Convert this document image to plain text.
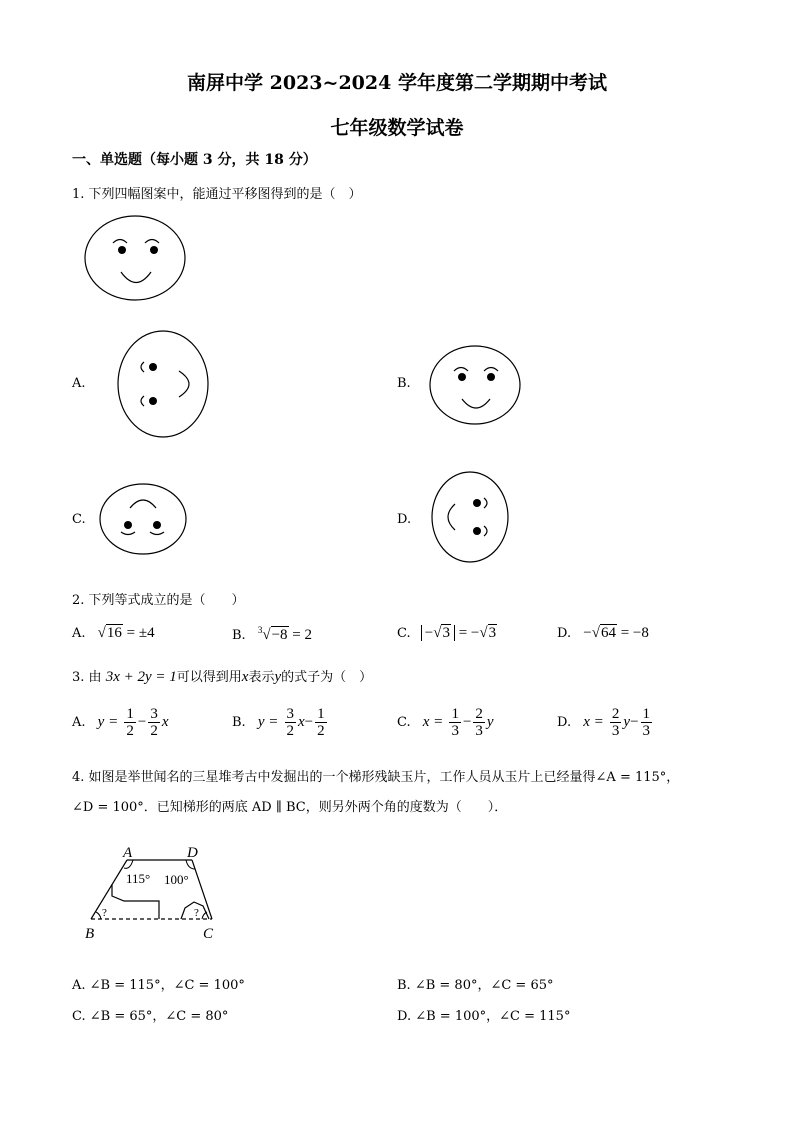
南屏中学 2023~2024 学年度第二学期期中考试
七年级数学试卷
一、单选题（每小题 3 分，共 18 分）
1. 下列四幅图案中，能通过平移图得到的是（　）
A.	B.
C.	D.
2. 下列等式成立的是（　　）
A. √16 = ±4	B. $^3$√−8 = 2	C. −√3 = −√3	D. −√64 = −8
3. 由 3x + 2y = 1可以得到用x表示y的式子为（　）
A. $y = \frac{1}{2} - \frac{3}{2}$ x	B. $y = \frac{3}{2} x- \frac{1}{2}$	C. $x = \frac{1}{3} - \frac{2}{3}$ y	D. $x = \frac{2}{3} y- \frac{1}{3}$
4. 如图是举世闻名的三星堆考古中发掘出的一个梯形残缺玉片，工作人员从玉片上已经量得∠A = 115°，
∠D = 100°．已知梯形的两底 AD ∥ BC，则另外两个角的度数为（　　）．
A	D
115° 100°
?	?
B	C
A. ∠B = 115°，∠C = 100°	B. ∠B = 80°，∠C = 65°
C. ∠B = 65°，∠C = 80°	D. ∠B = 100°，∠C = 115°
